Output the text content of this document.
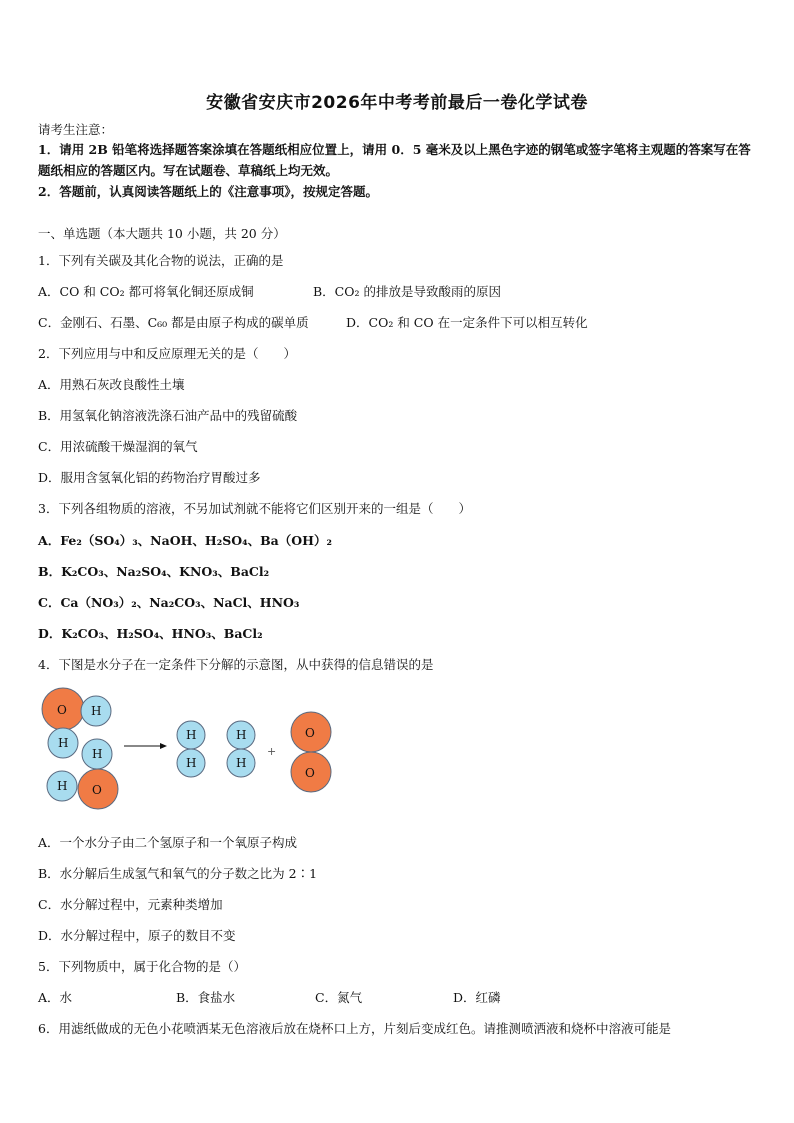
安徽省安庆市2026年中考考前最后一卷化学试卷
请考生注意：
1．请用 2B 铅笔将选择题答案涂填在答题纸相应位置上，请用 0．5 毫米及以上黑色字迹的钢笔或签字笔将主观题的答案写在答题纸相应的答题区内。写在试题卷、草稿纸上均无效。
2．答题前，认真阅读答题纸上的《注意事项》，按规定答题。
一、单选题（本大题共 10 小题，共 20 分）
1．下列有关碳及其化合物的说法，正确的是
A．CO 和 CO₂ 都可将氧化铜还原成铜	B．CO₂ 的排放是导致酸雨的原因
C．金刚石、石墨、C₆₀ 都是由原子构成的碳单质	D．CO₂ 和 CO 在一定条件下可以相互转化
2．下列应用与中和反应原理无关的是（　　）
A．用熟石灰改良酸性土壤
B．用氢氧化钠溶液洗涤石油产品中的残留硫酸
C．用浓硫酸干燥湿润的氧气
D．服用含氢氧化铝的药物治疗胃酸过多
3．下列各组物质的溶液，不另加试剂就不能将它们区别开来的一组是（　　）
A．Fe₂（SO₄）₃、NaOH、H₂SO₄、Ba（OH）₂
B．K₂CO₃、Na₂SO₄、KNO₃、BaCl₂
C．Ca（NO₃）₂、Na₂CO₃、NaCl、HNO₃
D．K₂CO₃、H₂SO₄、HNO₃、BaCl₂
4．下图是水分子在一定条件下分解的示意图，从中获得的信息错误的是
O H
H
H
O
H
H
H
H
H
+
O
O
A．一个水分子由二个氢原子和一个氧原子构成
B．水分解后生成氢气和氧气的分子数之比为 2∶1
C．水分解过程中，元素种类增加
D．水分解过程中，原子的数目不变
5．下列物质中，属于化合物的是（）
A．水	B．食盐水	C．氮气	D．红磷
6．用滤纸做成的无色小花喷洒某无色溶液后放在烧杯口上方，片刻后变成红色。请推测喷洒液和烧杯中溶液可能是
